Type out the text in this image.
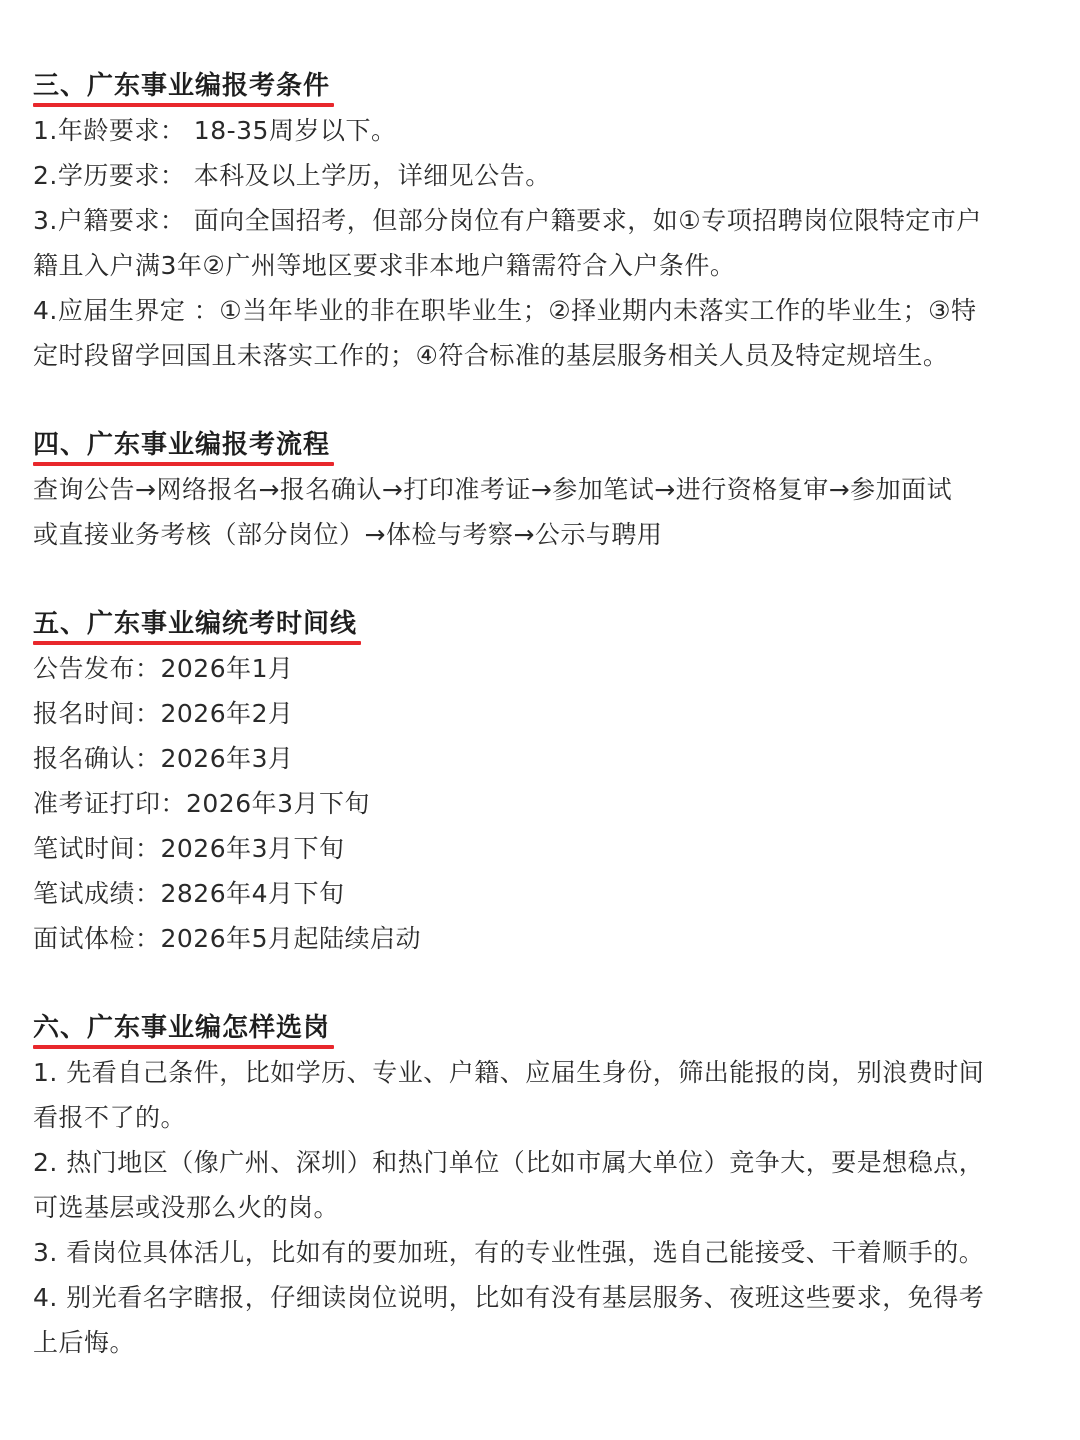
三、广东事业编报考条件

1.年龄要求： 18-35周岁以下。

2.学历要求： 本科及以上学历，详细见公告。

3.户籍要求： 面向全国招考，但部分岗位有户籍要求，如①专项招聘岗位限特定市户

籍且入户满3年②广州等地区要求非本地户籍需符合入户条件。

4.应届生界定 ：①当年毕业的非在职毕业生；②择业期内未落实工作的毕业生；③特

定时段留学回国且未落实工作的；④符合标准的基层服务相关人员及特定规培生。

四、广东事业编报考流程

查询公告→网络报名→报名确认→打印准考证→参加笔试→进行资格复审→参加面试

或直接业务考核（部分岗位）→体检与考察→公示与聘用

五、广东事业编统考时间线

公告发布：2026年1月

报名时间：2026年2月

报名确认：2026年3月

准考证打印：2026年3月下旬

笔试时间：2026年3月下旬

笔试成绩：2826年4月下旬

面试体检：2026年5月起陆续启动

六、广东事业编怎样选岗

1. 先看自己条件，比如学历、专业、户籍、应届生身份，筛出能报的岗，别浪费时间

看报不了的。

2. 热门地区（像广州、深圳）和热门单位（比如市属大单位）竞争大，要是想稳点，

可选基层或没那么火的岗。

3. 看岗位具体活儿，比如有的要加班，有的专业性强，选自己能接受、干着顺手的。

4. 别光看名字瞎报，仔细读岗位说明，比如有没有基层服务、夜班这些要求，免得考

上后悔。
